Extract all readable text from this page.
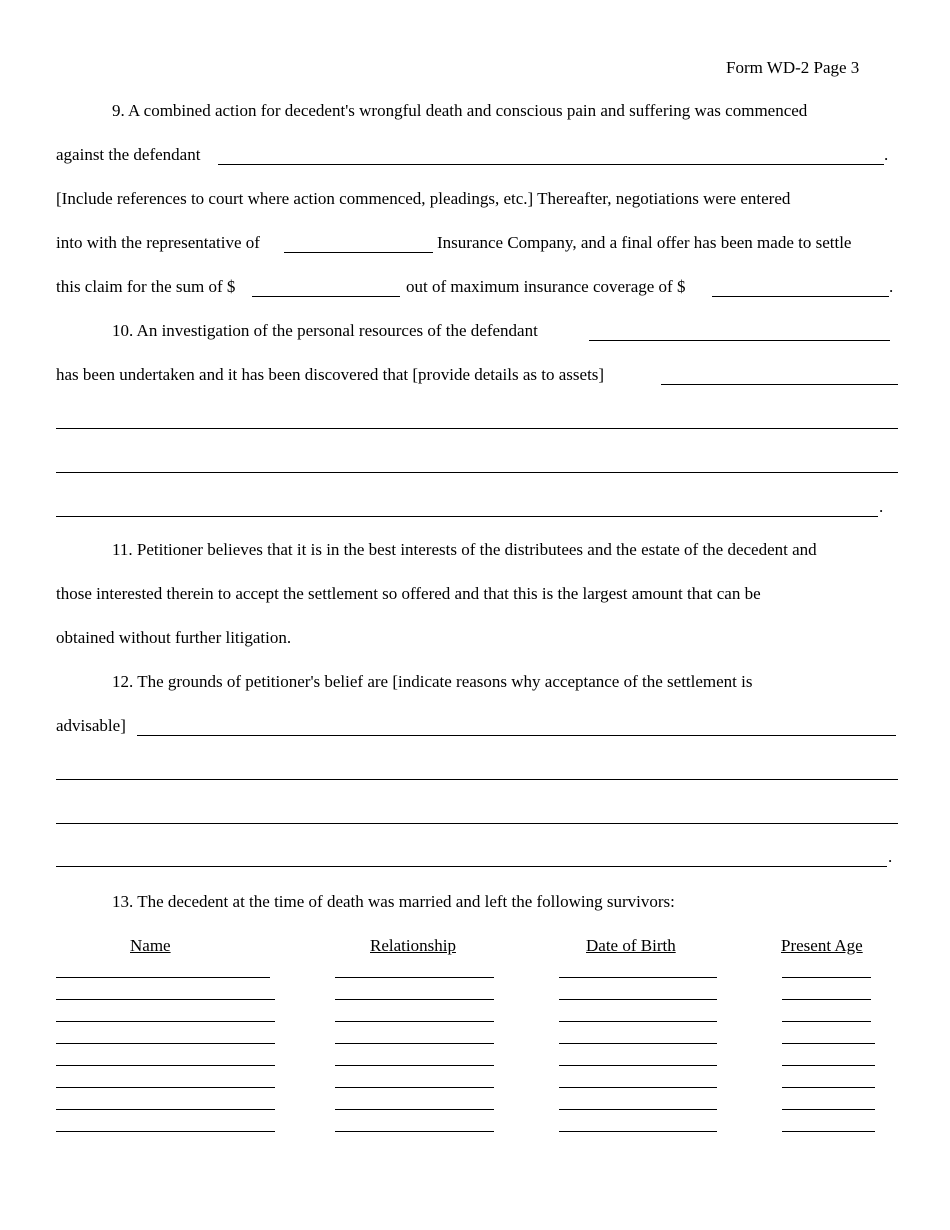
Form WD-2 Page 3
9. A combined action for decedent's wrongful death and conscious pain and suffering was commenced
against the defendant	.
[Include references to court where action commenced, pleadings, etc.] Thereafter, negotiations were entered
into with the representative of	Insurance Company, and a final offer has been made to settle
this claim for the sum of $	out of maximum insurance coverage of $	.
10. An investigation of the personal resources of the defendant
has been undertaken and it has been discovered that [provide details as to assets]
.
11. Petitioner believes that it is in the best interests of the distributees and the estate of the decedent and
those interested therein to accept the settlement so offered and that this is the largest amount that can be
obtained without further litigation.
12. The grounds of petitioner's belief are [indicate reasons why acceptance of the settlement is
advisable]
.
13. The decedent at the time of death was married and left the following survivors:
Name	Relationship	Date of Birth	Present Age
